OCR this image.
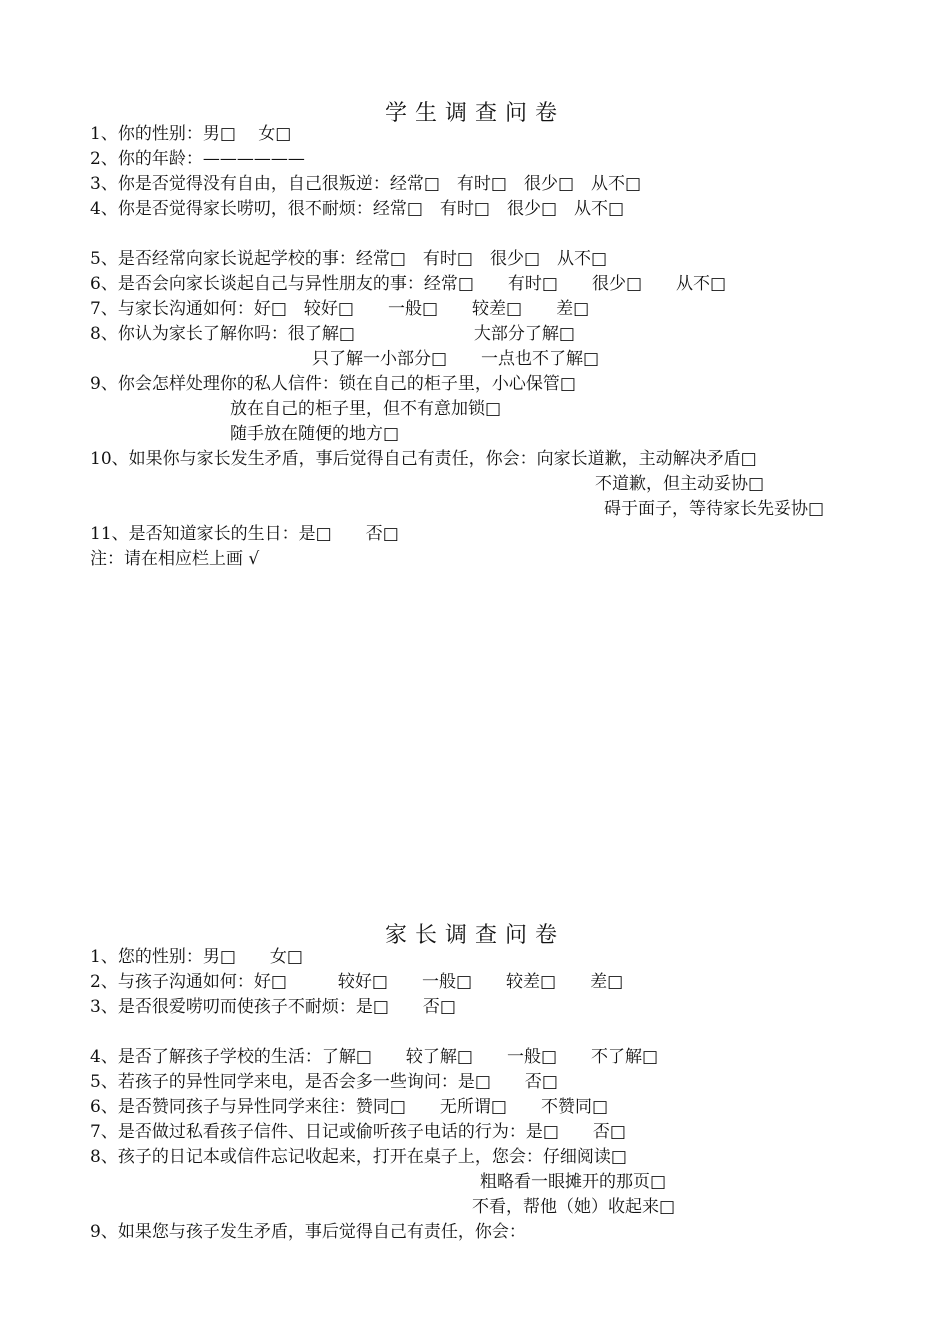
学生调查问卷
1、你的性别：男□　 女□
2、你的年龄：——————
3、你是否觉得没有自由，自己很叛逆：经常□　有时□　很少□　从不□
4、你是否觉得家长唠叨，很不耐烦：经常□　有时□　很少□　从不□
5、是否经常向家长说起学校的事：经常□　有时□　很少□　从不□
6、是否会向家长谈起自己与异性朋友的事：经常□　　有时□　　很少□　　从不□
7、与家长沟通如何：好□　较好□　　一般□　　较差□　　差□
8、你认为家长了解你吗：很了解□　　　　　　　大部分了解□
只了解一小部分□　　一点也不了解□
9、你会怎样处理你的私人信件：锁在自己的柜子里，小心保管□
放在自己的柜子里，但不有意加锁□
随手放在随便的地方□
10、如果你与家长发生矛盾，事后觉得自己有责任，你会：向家长道歉，主动解决矛盾□
不道歉，但主动妥协□
碍于面子，等待家长先妥协□
11、是否知道家长的生日：是□　　否□
注：请在相应栏上画 √
家长调查问卷
1、您的性别：男□　　女□
2、与孩子沟通如何：好□　　　较好□　　一般□　　较差□　　差□
3、是否很爱唠叨而使孩子不耐烦：是□　　否□
4、是否了解孩子学校的生活：了解□　　较了解□　　一般□　　不了解□
5、若孩子的异性同学来电，是否会多一些询问：是□　　否□
6、是否赞同孩子与异性同学来往：赞同□　　无所谓□　　不赞同□
7、是否做过私看孩子信件、日记或偷听孩子电话的行为：是□　　否□
8、孩子的日记本或信件忘记收起来，打开在桌子上，您会：仔细阅读□
粗略看一眼摊开的那页□
不看，帮他（她）收起来□
9、如果您与孩子发生矛盾，事后觉得自己有责任，你会：
